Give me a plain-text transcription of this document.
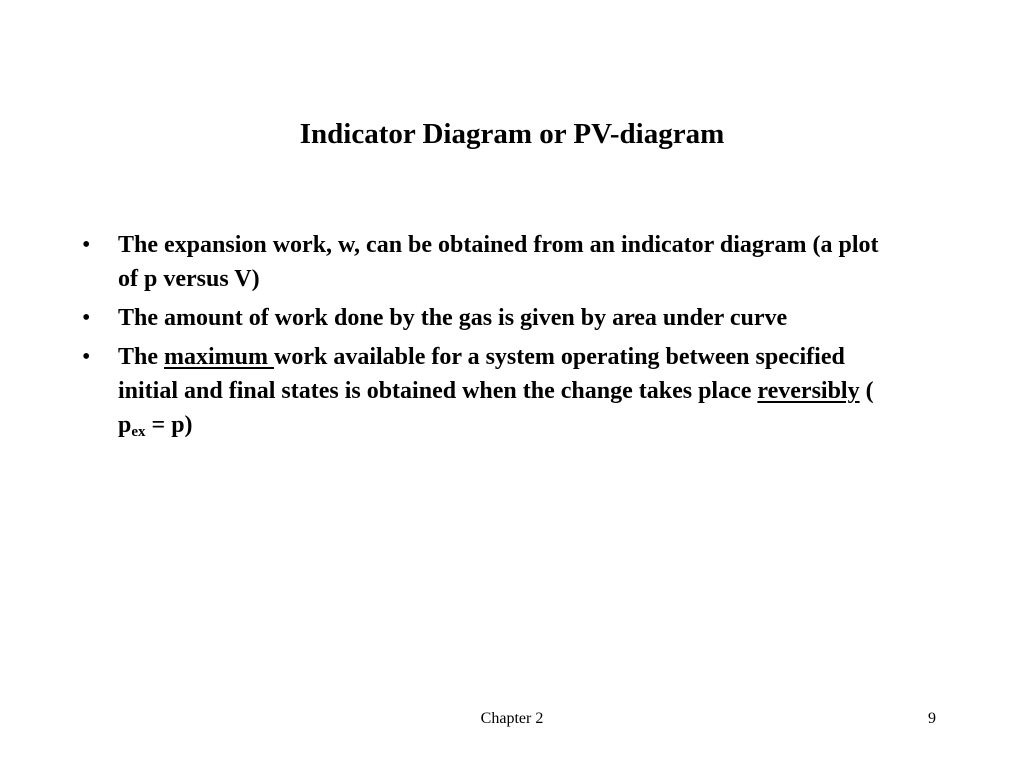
Indicator Diagram or PV-diagram
• The expansion work, w, can be obtained from an indicator diagram (a plot of p versus V)
• The amount of work done by the gas is given by area under curve
• The maximum work available for a system operating between specified initial and final states is obtained when the change takes place reversibly ( $p_{ex} = p$)
Chapter 2	9
